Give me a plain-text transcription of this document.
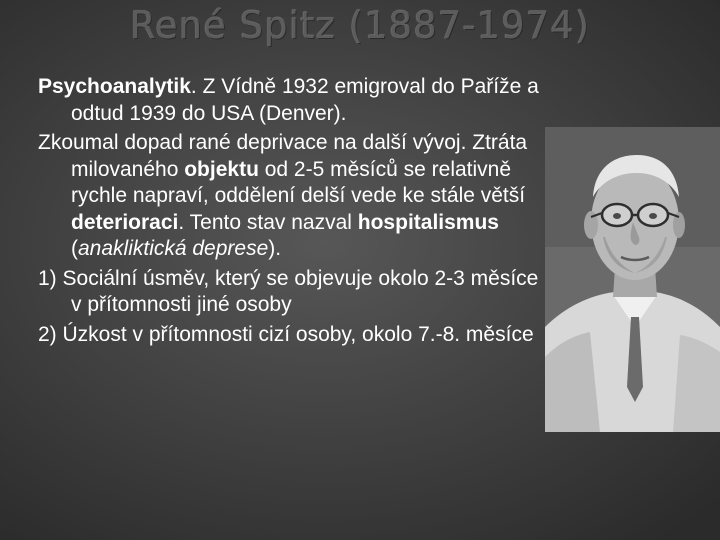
René Spitz (1887-1974)

Psychoanalytik. Z Vídně 1932 emigroval do Paříže a odtud 1939 do USA (Denver).

Zkoumal dopad rané deprivace na další vývoj. Ztráta milovaného objektu od 2-5 měsíců se relativně rychle napraví, oddělení delší vede ke stále větší deterioraci. Tento stav nazval hospitalismus (anakliktická deprese).

1) Sociální úsměv, který se objevuje okolo 2-3 měsíce v přítomnosti jiné osoby

2) Úzkost v přítomnosti cizí osoby, okolo 7.-8. měsíce
